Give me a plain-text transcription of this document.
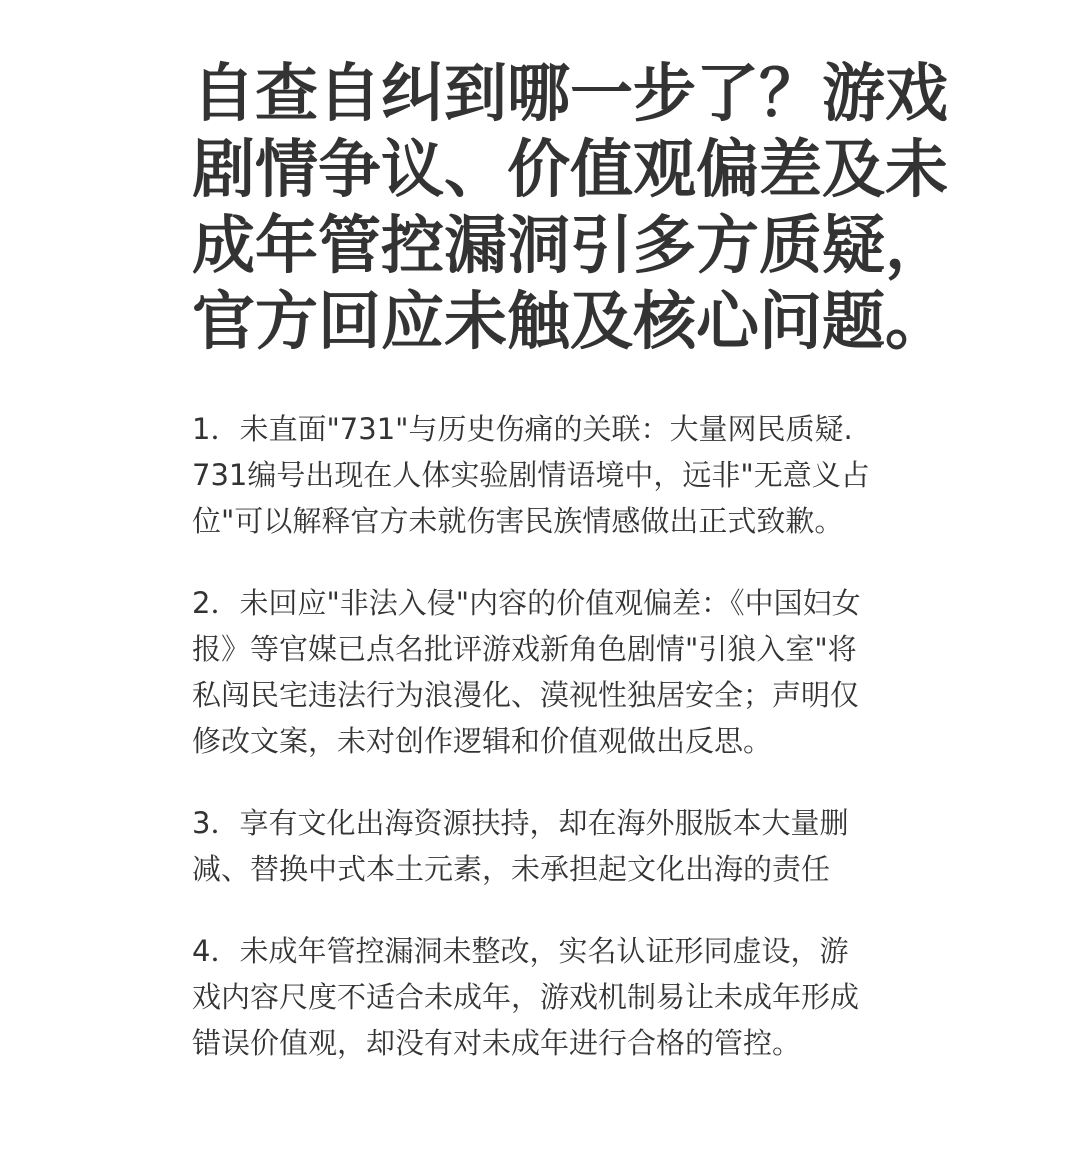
自查自纠到哪一步了？游戏
剧情争议、价值观偏差及未
成年管控漏洞引多方质疑，
官方回应未触及核心问题。
1．未直面"731"与历史伤痛的关联：大量网民质疑.
731编号出现在人体实验剧情语境中，远非"无意义占
位"可以解释官方未就伤害民族情感做出正式致歉。
2．未回应"非法入侵"内容的价值观偏差：《中国妇女
报》等官媒已点名批评游戏新角色剧情"引狼入室"将
私闯民宅违法行为浪漫化、漠视性独居安全；声明仅
修改文案，未对创作逻辑和价值观做出反思。
3．享有文化出海资源扶持，却在海外服版本大量删
减、替换中式本土元素，未承担起文化出海的责任
4．未成年管控漏洞未整改，实名认证形同虚设，游
戏内容尺度不适合未成年，游戏机制易让未成年形成
错误价值观，却没有对未成年进行合格的管控。
